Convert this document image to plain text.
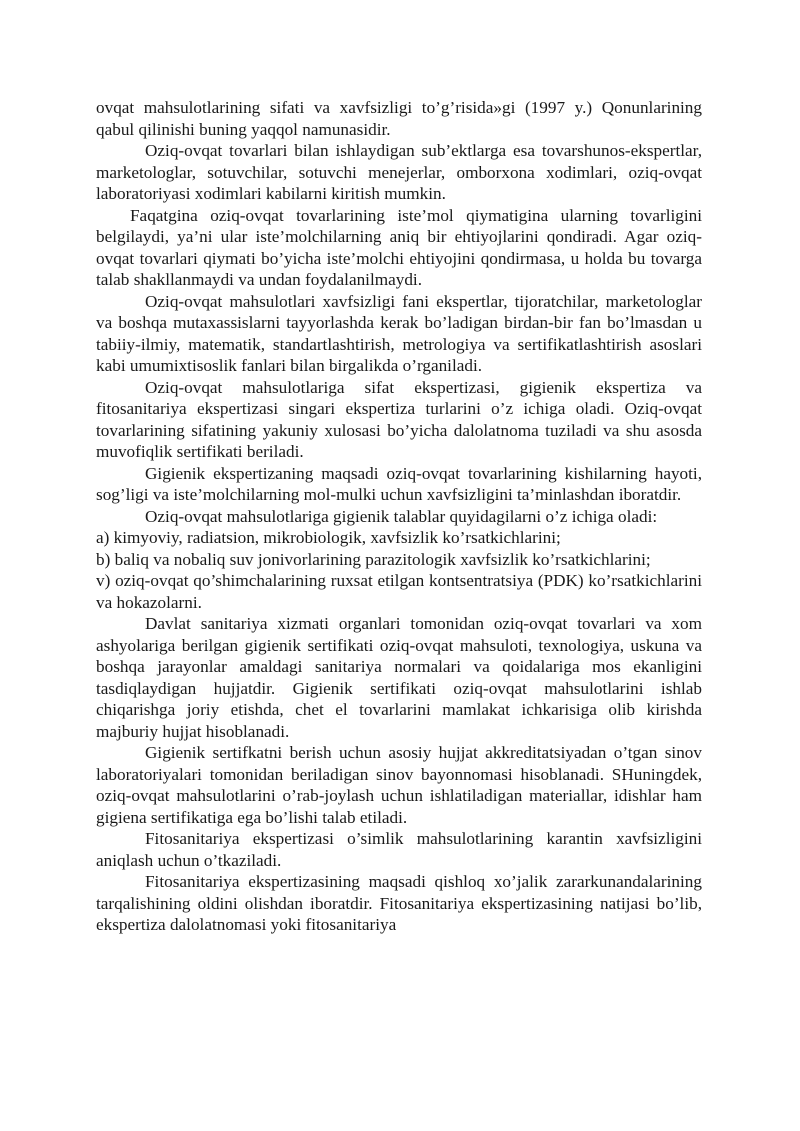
ovqat mahsulotlarining sifati va xavfsizligi to’g’risida»gi (1997 y.) Qonunlarining qabul qilinishi buning yaqqol namunasidir.

Oziq-ovqat tovarlari bilan ishlaydigan sub’ektlarga esa tovarshunos-ekspertlar, marketologlar, sotuvchilar, sotuvchi menejerlar, omborxona xodimlari, oziq-ovqat laboratoriyasi xodimlari kabilarni kiritish mumkin.

Faqatgina oziq-ovqat tovarlarining iste’mol qiymatigina ularning tovarligini belgilaydi, ya’ni ular iste’molchilarning aniq bir ehtiyojlarini qondiradi. Agar oziq-ovqat tovarlari qiymati bo’yicha iste’molchi ehtiyojini qondirmasa, u holda bu tovarga talab shakllanmaydi va undan foydalanilmaydi.

Oziq-ovqat mahsulotlari xavfsizligi fani ekspertlar, tijoratchilar, marketologlar va boshqa mutaxassislarni tayyorlashda kerak bo’ladigan birdan-bir fan bo’lmasdan u tabiiy-ilmiy, matematik, standartlashtirish, metrologiya va sertifikatlashtirish asoslari kabi umumixtisoslik fanlari bilan birgalikda o’rganiladi.

Oziq-ovqat mahsulotlariga sifat ekspertizasi, gigienik ekspertiza va fitosanitariya ekspertizasi singari ekspertiza turlarini o’z ichiga oladi. Oziq-ovqat tovarlarining sifatining yakuniy xulosasi bo’yicha dalolatnoma tuziladi va shu asosda muvofiqlik sertifikati beriladi.

Gigienik ekspertizaning maqsadi oziq-ovqat tovarlarining kishilarning hayoti, sog’ligi va iste’molchilarning mol-mulki uchun xavfsizligini ta’minlashdan iboratdir.

Oziq-ovqat mahsulotlariga gigienik talablar quyidagilarni o’z ichiga oladi:

a) kimyoviy, radiatsion, mikrobiologik, xavfsizlik ko’rsatkichlarini;

b) baliq va nobaliq suv jonivorlarining parazitologik xavfsizlik ko’rsatkichlarini;

v) oziq-ovqat qo’shimchalarining ruxsat etilgan kontsentratsiya (PDK) ko’rsatkichlarini va hokazolarni.

Davlat sanitariya xizmati organlari tomonidan oziq-ovqat tovarlari va xom ashyolariga berilgan gigienik sertifikati oziq-ovqat mahsuloti, texnologiya, uskuna va boshqa jarayonlar amaldagi sanitariya normalari va qoidalariga mos ekanligini tasdiqlaydigan hujjatdir. Gigienik sertifikati oziq-ovqat mahsulotlarini ishlab chiqarishga joriy etishda, chet el tovarlarini mamlakat ichkarisiga olib kirishda majburiy hujjat hisoblanadi.

Gigienik sertifkatni berish uchun asosiy hujjat akkreditatsiyadan o’tgan sinov laboratoriyalari tomonidan beriladigan sinov bayonnomasi hisoblanadi. SHuningdek, oziq-ovqat mahsulotlarini o’rab-joylash uchun ishlatiladigan materiallar, idishlar ham gigiena sertifikatiga ega bo’lishi talab etiladi.

Fitosanitariya ekspertizasi o’simlik mahsulotlarining karantin xavfsizligini aniqlash uchun o’tkaziladi.

Fitosanitariya ekspertizasining maqsadi qishloq xo’jalik zararkunandalarining tarqalishining oldini olishdan iboratdir. Fitosanitariya ekspertizasining natijasi bo’lib, ekspertiza dalolatnomasi yoki fitosanitariya
